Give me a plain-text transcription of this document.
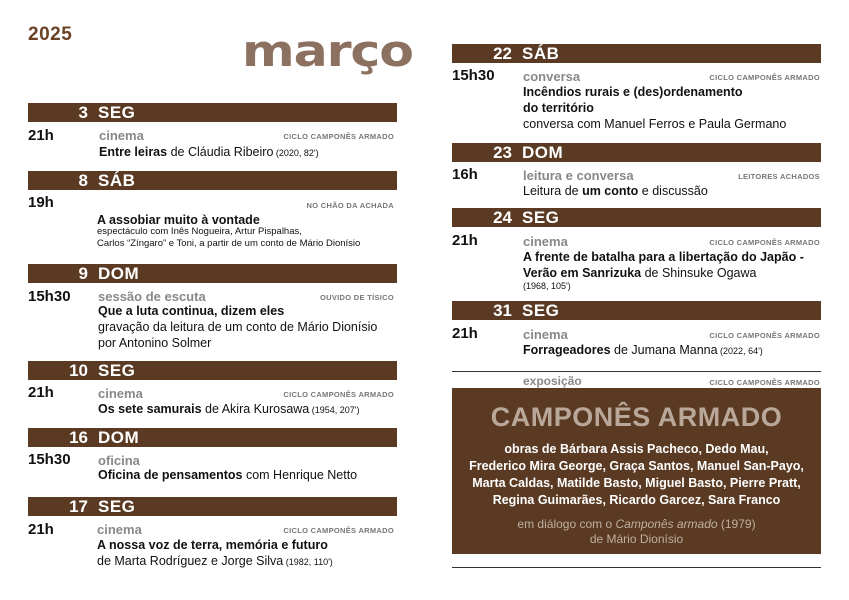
2025	março
3 SEG
21h	cinema	CICLO CAMPONÊS ARMADO
Entre leiras de Cláudia Ribeiro (2020, 82')
8 SÁB
19h	NO CHÃO DA ACHADA
A assobiar muito à vontade
espectáculo com Inês Nogueira, Artur Pispalhas,
Carlos “Zíngaro” e Toni, a partir de um conto de Mário Dionísio
9 DOM
15h30 sessão de escuta	OUVIDO DE TÍSICO
Que a luta continua, dizem eles
gravação da leitura de um conto de Mário Dionísio
por Antonino Solmer
10 SEG
21h	cinema	CICLO CAMPONÊS ARMADO
Os sete samurais de Akira Kurosawa (1954, 207')
16 DOM
15h30 oficina
Oficina de pensamentos com Henrique Netto
17 SEG
21h	cinema	CICLO CAMPONÊS ARMADO
A nossa voz de terra, memória e futuro
de Marta Rodríguez e Jorge Silva (1982, 110')
22 SÁB
15h30 conversa	CICLO CAMPONÊS ARMADO
Incêndios rurais e (des)ordenamento
do território
conversa com Manuel Ferros e Paula Germano
23 DOM
16h	leitura e conversa	LEITORES ACHADOS
Leitura de um conto e discussão
24 SEG
21h	cinema	CICLO CAMPONÊS ARMADO
A frente de batalha para a libertação do Japão -
Verão em Sanrizuka de Shinsuke Ogawa
(1968, 105')
31 SEG
21h	cinema	CICLO CAMPONÊS ARMADO
Forrageadores de Jumana Manna (2022, 64')
exposição	CICLO CAMPONÊS ARMADO
CAMPONÊS ARMADO
obras de Bárbara Assis Pacheco, Dedo Mau,
Frederico Mira George, Graça Santos, Manuel San-Payo,
Marta Caldas, Matilde Basto, Miguel Basto, Pierre Pratt,
Regina Guimarães, Ricardo Garcez, Sara Franco
em diálogo com o Camponês armado (1979)
de Mário Dionísio
